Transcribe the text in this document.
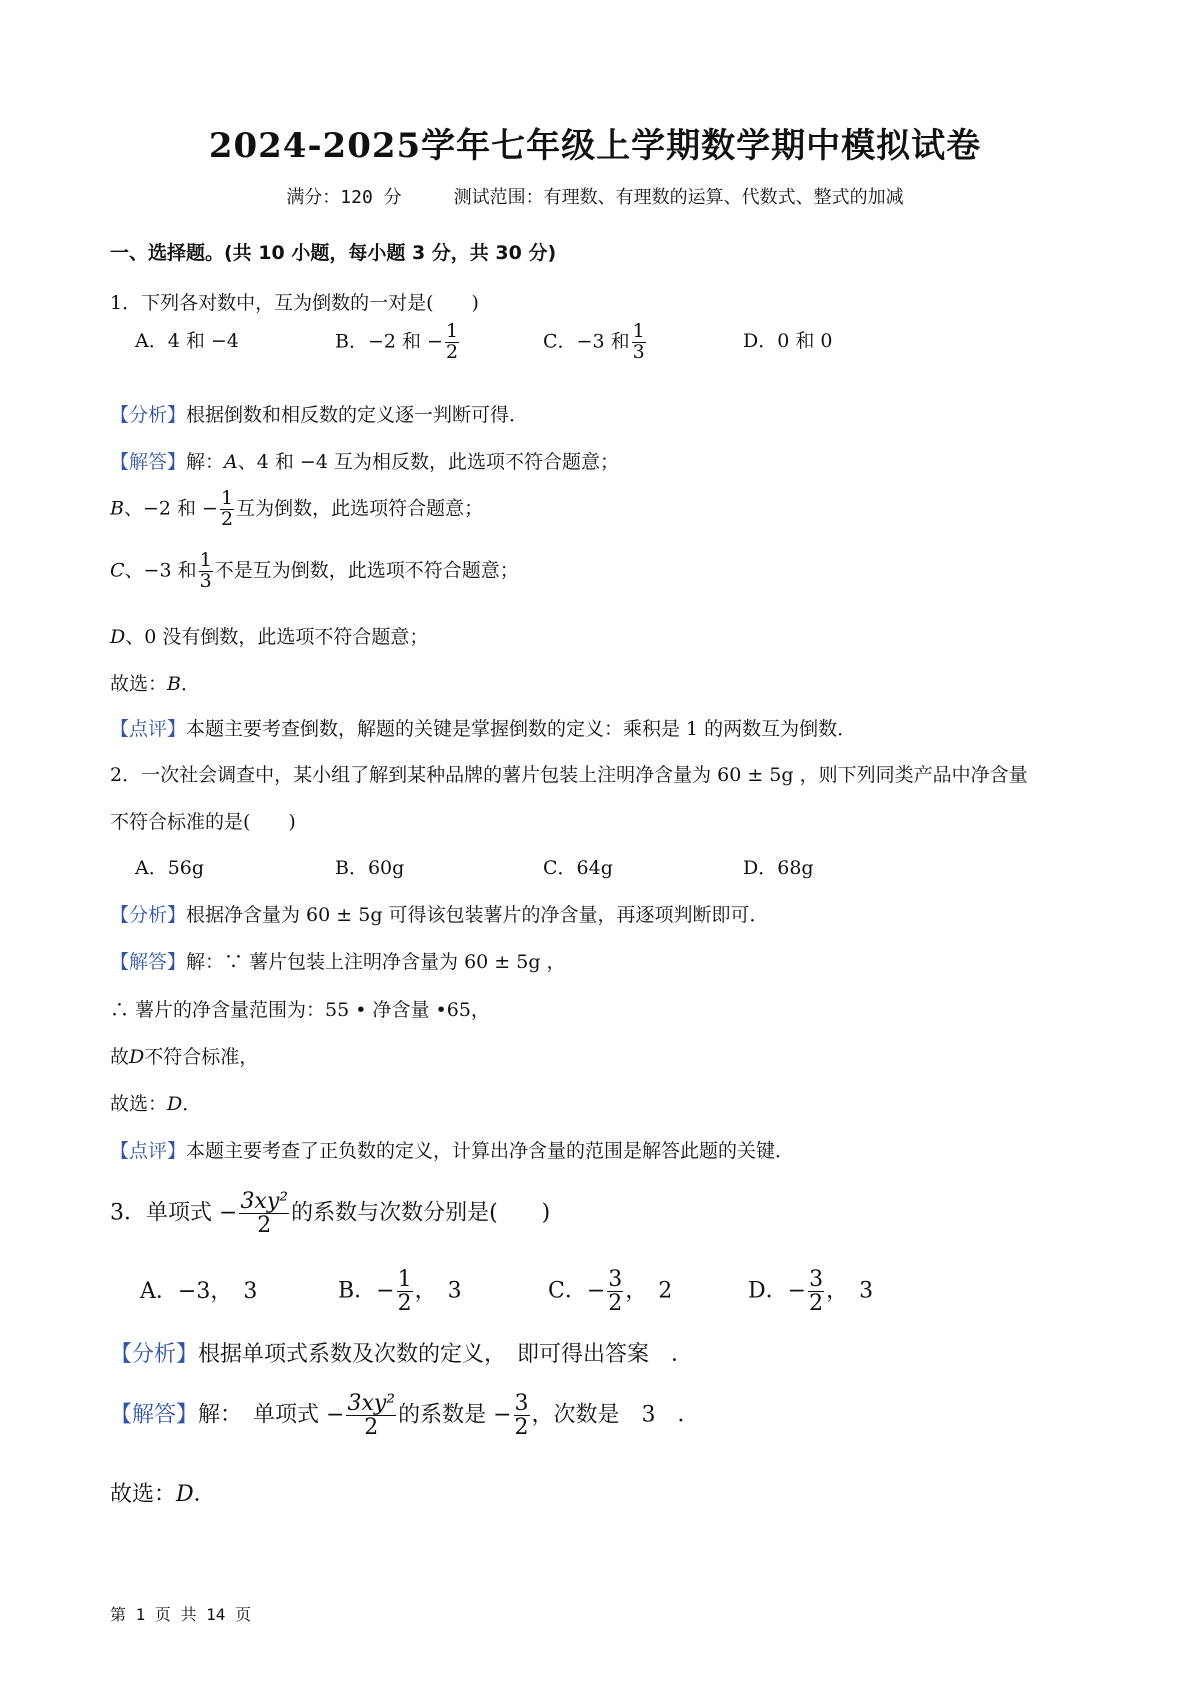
2024-2025学年七年级上学期数学期中模拟试卷
满分：120 分	测试范围：有理数、有理数的运算、代数式、整式的加减
一、选择题。(共 10 小题，每小题 3 分，共 30 分)
1．下列各对数中，互为倒数的一对是(　　)
A．4 和 −4	B．−2 和 − $\frac{1}{2}$	C．−3 和 $\frac{1}{3}$	D．0 和 0
【分析】根据倒数和相反数的定义逐一判断可得．
【解答】解：A、4 和 −4 互为相反数，此选项不符合题意；
B、−2 和 − $\frac{1}{2}$ 互为倒数，此选项符合题意；
C、−3 和 $\frac{1}{3}$ 不是互为倒数，此选项不符合题意；
D、0 没有倒数，此选项不符合题意；
故选：B．
【点评】本题主要考查倒数，解题的关键是掌握倒数的定义：乘积是 1 的两数互为倒数．
2．一次社会调查中，某小组了解到某种品牌的薯片包装上注明净含量为 60 ± 5g ，则下列同类产品中净含量
不符合标准的是(　　)
A．56g	B．60g	C．64g	D．68g
【分析】根据净含量为 60 ± 5g 可得该包装薯片的净含量，再逐项判断即可．
【解答】解：∵ 薯片包装上注明净含量为 60 ± 5g ，
∴ 薯片的净含量范围为：55 • 净含量 •65，
故D不符合标准，
故选：D．
【点评】本题主要考查了正负数的定义，计算出净含量的范围是解答此题的关键．
3．单项式 − $\frac{\text{3xy²}}{2}$ 的系数与次数分别是(　　)
A．−3，　3	B．− $\frac{1}{2}$ ，　3	C．− $\frac{3}{2}$ ，　2	D．− $\frac{3}{2}$ ，　3
【分析】根据单项式系数及次数的定义，　即可得出答案　．
【解答】解：　单项式 − $\frac{\text{3xy²}}{2}$ 的系数是 − $\frac{3}{2}$ ，次数是　3　．
故选：D．
第 1 页 共 14 页
